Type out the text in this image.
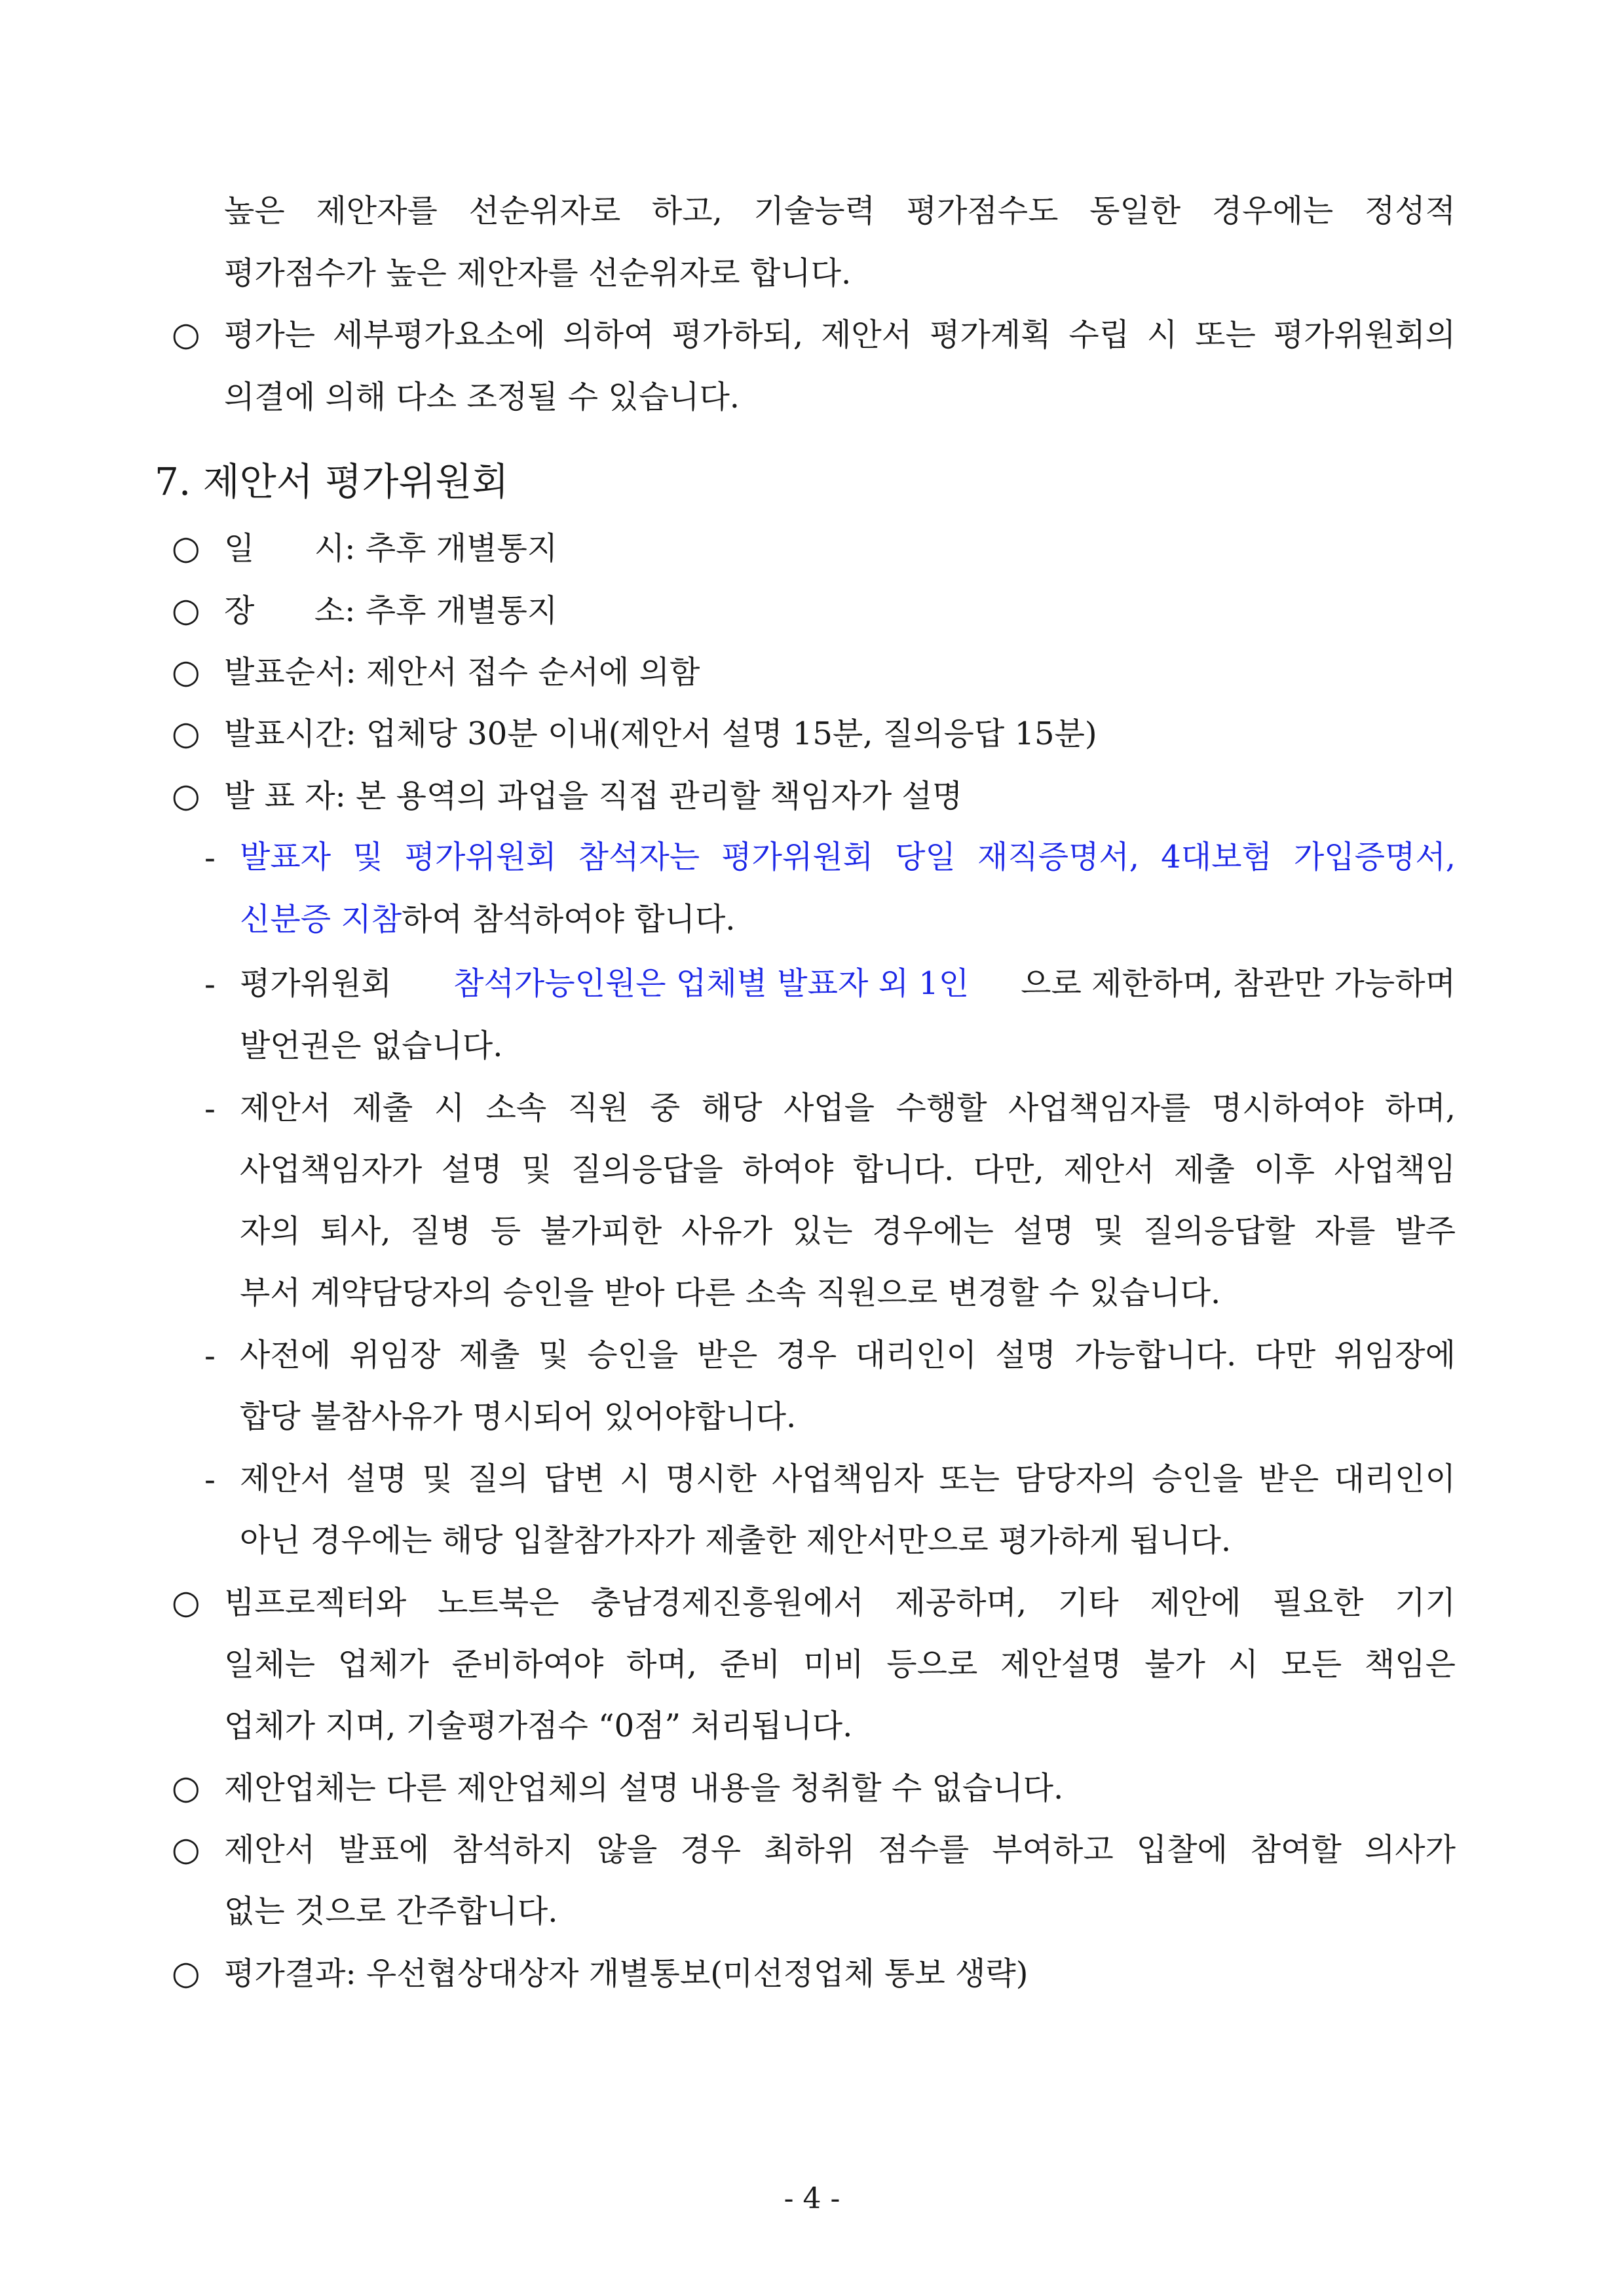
높은 제안자를 선순위자로 하고, 기술능력 평가점수도 동일한 경우에는 정성적
평가점수가 높은 제안자를 선순위자로 합니다.
○ 평가는 세부평가요소에 의하여 평가하되, 제안서 평가계획 수립 시 또는 평가위원회의
의결에 의해 다소 조정될 수 있습니다.
7. 제안서 평가위원회
○ 일      시: 추후 개별통지
○ 장      소: 추후 개별통지
○ 발표순서: 제안서 접수 순서에 의함
○ 발표시간: 업체당 30분 이내(제안서 설명 15분, 질의응답 15분)
○ 발 표 자: 본 용역의 과업을 직접 관리할 책임자가 설명
- 발표자 및 평가위원회 참석자는 평가위원회 당일 재직증명서, 4대보험 가입증명서,
신분증 지참하여 참석하여야 합니다.
- 평가위원회 참석가능인원은 업체별 발표자 외 1인 으로 제한하며, 참관만 가능하며
발언권은 없습니다.
- 제안서 제출 시 소속 직원 중 해당 사업을 수행할 사업책임자를 명시하여야 하며,
사업책임자가 설명 및 질의응답을 하여야 합니다. 다만, 제안서 제출 이후 사업책임
자의 퇴사, 질병 등 불가피한 사유가 있는 경우에는 설명 및 질의응답할 자를 발주
부서 계약담당자의 승인을 받아 다른 소속 직원으로 변경할 수 있습니다.
- 사전에 위임장 제출 및 승인을 받은 경우 대리인이 설명 가능합니다. 다만 위임장에
합당 불참사유가 명시되어 있어야합니다.
- 제안서 설명 및 질의 답변 시 명시한 사업책임자 또는 담당자의 승인을 받은 대리인이
아닌 경우에는 해당 입찰참가자가 제출한 제안서만으로 평가하게 됩니다.
○ 빔프로젝터와 노트북은 충남경제진흥원에서 제공하며, 기타 제안에 필요한 기기
일체는 업체가 준비하여야 하며, 준비 미비 등으로 제안설명 불가 시 모든 책임은
업체가 지며, 기술평가점수 “0점” 처리됩니다.
○ 제안업체는 다른 제안업체의 설명 내용을 청취할 수 없습니다.
○ 제안서 발표에 참석하지 않을 경우 최하위 점수를 부여하고 입찰에 참여할 의사가
없는 것으로 간주합니다.
○ 평가결과: 우선협상대상자 개별통보(미선정업체 통보 생략)
- 4 -
